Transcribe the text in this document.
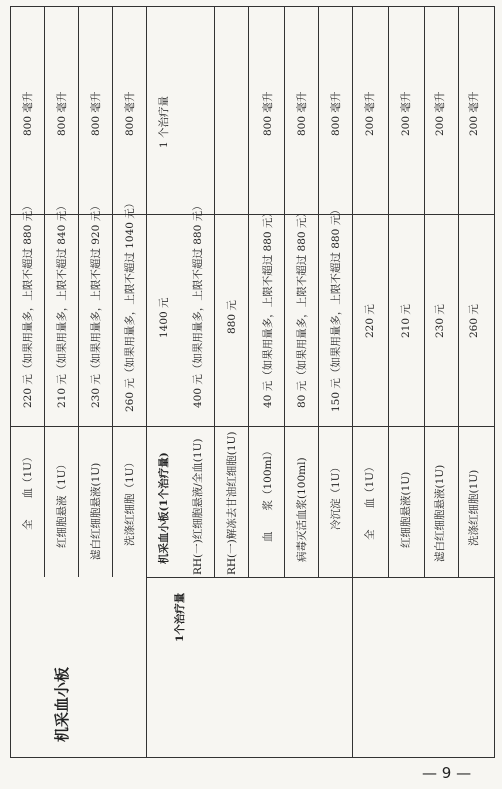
机采血小板
1个治疗量
全　　血（1U） 红细胞悬液（1U） 滤白红细胞悬液(1U) 洗涤红细胞（1U） 机采血小板(1个治疗量) RH(一)红细胞悬液/全血(1U) RH(一)解冻去甘油红细胞(1U) 血　　浆（100ml） 病毒灭活血浆(100ml) 冷沉淀（1U） 全　　血（1U） 红细胞悬液(1U) 滤白红细胞悬液(1U) 洗涤红细胞(1U)
220 元（如果用量多，上限不超过 880 元） 210 元（如果用量多，上限不超过 840 元） 230 元（如果用量多，上限不超过 920 元） 260 元（如果用量多，上限不超过 1040 元） 1400 元 400 元（如果用量多，上限不超过 880 元） 880 元 40 元（如果用量多，上限不超过 880 元） 80 元（如果用量多，上限不超过 880 元） 150 元（如果用量多，上限不超过 880 元） 220 元 210 元 230 元 260 元
800 毫升 800 毫升 800 毫升 800 毫升 1 个治疗量	800 毫升 800 毫升 800 毫升 200 毫升 200 毫升 200 毫升 200 毫升
— 9 —
